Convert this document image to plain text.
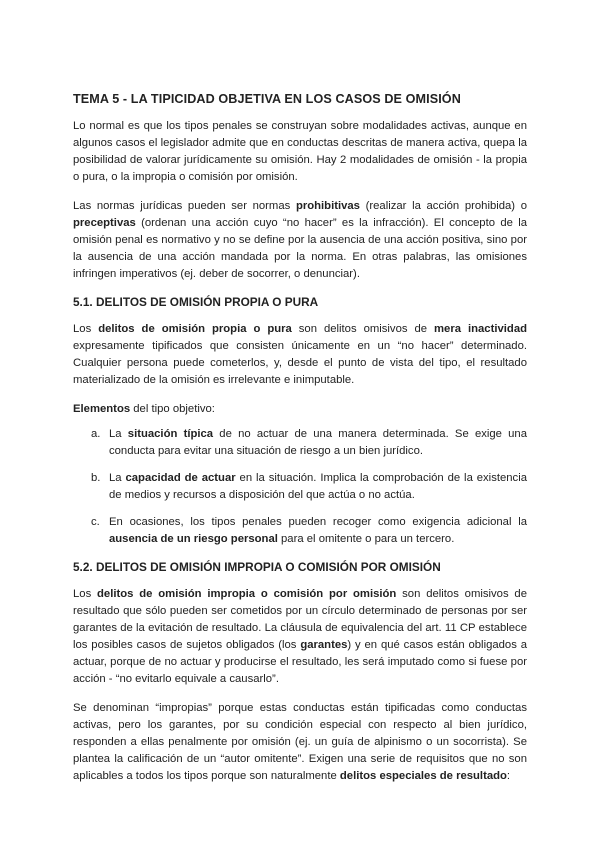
TEMA 5 - LA TIPICIDAD OBJETIVA EN LOS CASOS DE OMISIÓN

Lo normal es que los tipos penales se construyan sobre modalidades activas, aunque en algunos casos el legislador admite que en conductas descritas de manera activa, quepa la posibilidad de valorar jurídicamente su omisión. Hay 2 modalidades de omisión - la propia o pura, o la impropia o comisión por omisión.

Las normas jurídicas pueden ser normas prohibitivas (realizar la acción prohibida) o preceptivas (ordenan una acción cuyo “no hacer” es la infracción). El concepto de la omisión penal es normativo y no se define por la ausencia de una acción positiva, sino por la ausencia de una acción mandada por la norma. En otras palabras, las omisiones infringen imperativos (ej. deber de socorrer, o denunciar).

5.1. DELITOS DE OMISIÓN PROPIA O PURA

Los delitos de omisión propia o pura son delitos omisivos de mera inactividad expresamente tipificados que consisten únicamente en un “no hacer” determinado. Cualquier persona puede cometerlos, y, desde el punto de vista del tipo, el resultado materializado de la omisión es irrelevante e inimputable.

Elementos del tipo objetivo:

a. La situación típica de no actuar de una manera determinada. Se exige una conducta para evitar una situación de riesgo a un bien jurídico.
b. La capacidad de actuar en la situación. Implica la comprobación de la existencia de medios y recursos a disposición del que actúa o no actúa.
c. En ocasiones, los tipos penales pueden recoger como exigencia adicional la ausencia de un riesgo personal para el omitente o para un tercero.
5.2. DELITOS DE OMISIÓN IMPROPIA O COMISIÓN POR OMISIÓN

Los delitos de omisión impropia o comisión por omisión son delitos omisivos de resultado que sólo pueden ser cometidos por un círculo determinado de personas por ser garantes de la evitación de resultado. La cláusula de equivalencia del art. 11 CP establece los posibles casos de sujetos obligados (los garantes) y en qué casos están obligados a actuar, porque de no actuar y producirse el resultado, les será imputado como si fuese por acción - “no evitarlo equivale a causarlo”.

Se denominan “impropias” porque estas conductas están tipificadas como conductas activas, pero los garantes, por su condición especial con respecto al bien jurídico, responden a ellas penalmente por omisión (ej. un guía de alpinismo o un socorrista). Se plantea la calificación de un “autor omitente”. Exigen una serie de requisitos que no son aplicables a todos los tipos porque son naturalmente delitos especiales de resultado:
